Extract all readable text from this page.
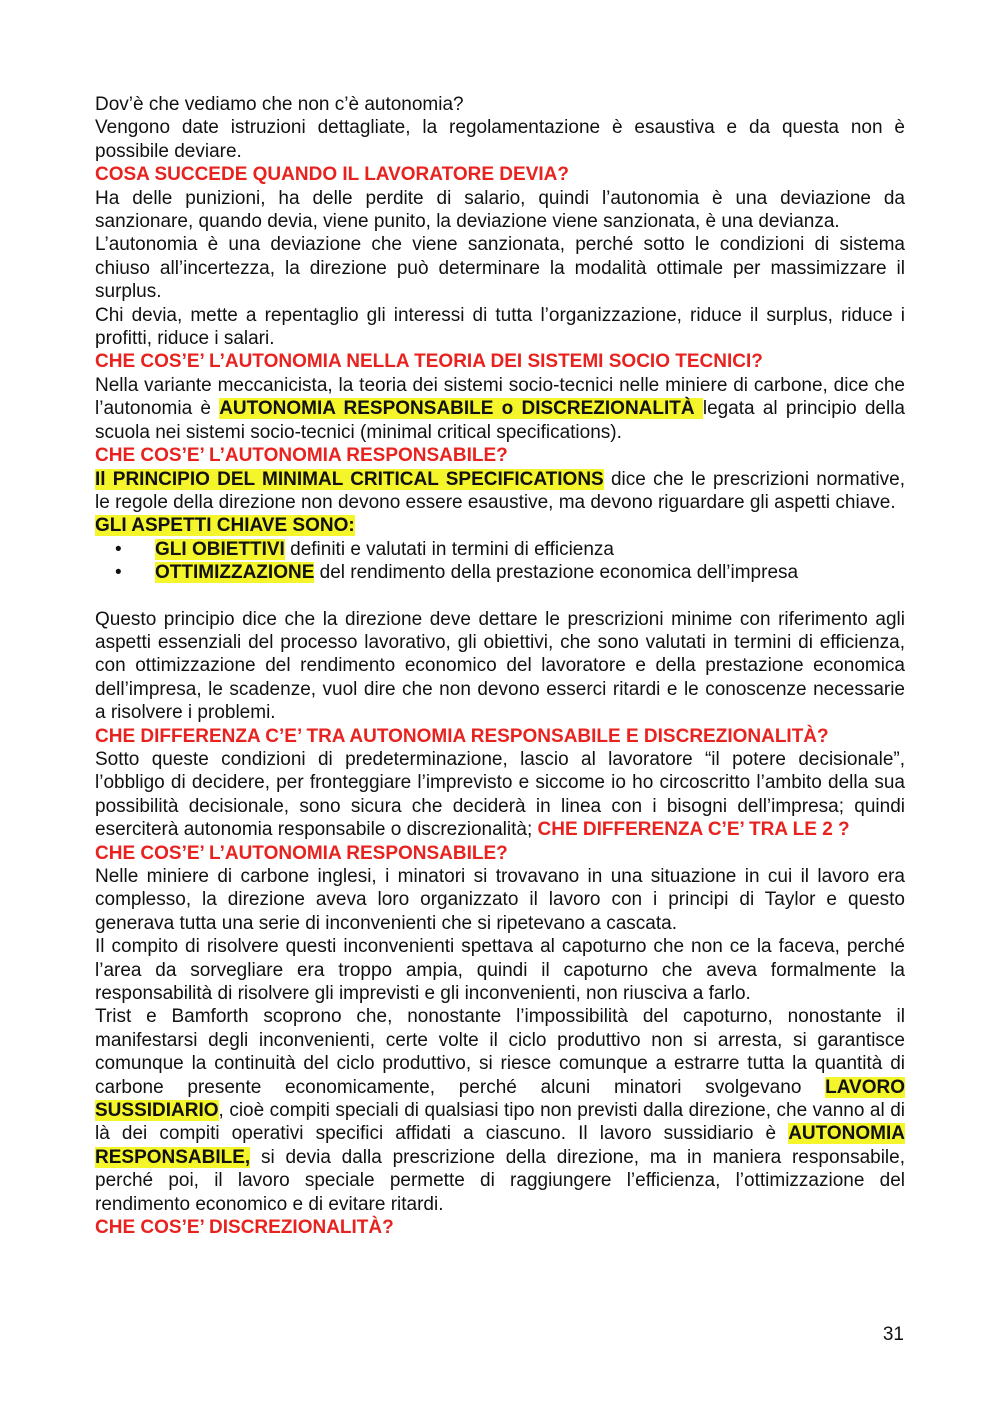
Dov’è che vediamo che non c’è autonomia?

Vengono date istruzioni dettagliate, la regolamentazione è esaustiva e da questa non è possibile deviare.

COSA SUCCEDE QUANDO IL LAVORATORE DEVIA?

Ha delle punizioni, ha delle perdite di salario, quindi l’autonomia è una deviazione da sanzionare, quando devia, viene punito, la deviazione viene sanzionata, è una devianza.

L’autonomia è una deviazione che viene sanzionata, perché sotto le condizioni di sistema chiuso all’incertezza, la direzione può determinare la modalità ottimale per massimizzare il surplus.

Chi devia, mette a repentaglio gli interessi di tutta l’organizzazione, riduce il surplus, riduce i profitti, riduce i salari.

CHE COS’E’ L’AUTONOMIA NELLA TEORIA DEI SISTEMI SOCIO TECNICI?

Nella variante meccanicista, la teoria dei sistemi socio-tecnici nelle miniere di carbone, dice che l’autonomia è AUTONOMIA RESPONSABILE o DISCREZIONALITÀ legata al principio della scuola nei sistemi socio-tecnici (minimal critical specifications).

CHE COS’E’ L’AUTONOMIA RESPONSABILE?

Il PRINCIPIO DEL MINIMAL CRITICAL SPECIFICATIONS dice che le prescrizioni normative, le regole della direzione non devono essere esaustive, ma devono riguardare gli aspetti chiave.

GLI ASPETTI CHIAVE SONO:

• GLI OBIETTIVI definiti e valutati in termini di efficienza
• OTTIMIZZAZIONE del rendimento della prestazione economica dell’impresa

Questo principio dice che la direzione deve dettare le prescrizioni minime con riferimento agli aspetti essenziali del processo lavorativo, gli obiettivi, che sono valutati in termini di efficienza, con ottimizzazione del rendimento economico del lavoratore e della prestazione economica dell’impresa, le scadenze, vuol dire che non devono esserci ritardi e le conoscenze necessarie a risolvere i problemi.

CHE DIFFERENZA C’E’ TRA AUTONOMIA RESPONSABILE E DISCREZIONALITÀ?

Sotto queste condizioni di predeterminazione, lascio al lavoratore “il potere decisionale”, l’obbligo di decidere, per fronteggiare l’imprevisto e siccome io ho circoscritto l’ambito della sua possibilità decisionale, sono sicura che deciderà in linea con i bisogni dell’impresa; quindi eserciterà autonomia responsabile o discrezionalità; CHE DIFFERENZA C’E’ TRA LE 2 ?

CHE COS’E’ L’AUTONOMIA RESPONSABILE?

Nelle miniere di carbone inglesi, i minatori si trovavano in una situazione in cui il lavoro era complesso, la direzione aveva loro organizzato il lavoro con i principi di Taylor e questo generava tutta una serie di inconvenienti che si ripetevano a cascata.

Il compito di risolvere questi inconvenienti spettava al capoturno che non ce la faceva, perché l’area da sorvegliare era troppo ampia, quindi il capoturno che aveva formalmente la responsabilità di risolvere gli imprevisti e gli inconvenienti, non riusciva a farlo.

Trist e Bamforth scoprono che, nonostante l’impossibilità del capoturno, nonostante il manifestarsi degli inconvenienti, certe volte il ciclo produttivo non si arresta, si garantisce comunque la continuità del ciclo produttivo, si riesce comunque a estrarre tutta la quantità di carbone presente economicamente, perché alcuni minatori svolgevano LAVORO SUSSIDIARIO, cioè compiti speciali di qualsiasi tipo non previsti dalla direzione, che vanno al di là dei compiti operativi specifici affidati a ciascuno. Il lavoro sussidiario è AUTONOMIA RESPONSABILE, si devia dalla prescrizione della direzione, ma in maniera responsabile, perché poi, il lavoro speciale permette di raggiungere l’efficienza, l’ottimizzazione del rendimento economico e di evitare ritardi.

CHE COS’E’ DISCREZIONALITÀ?

31
